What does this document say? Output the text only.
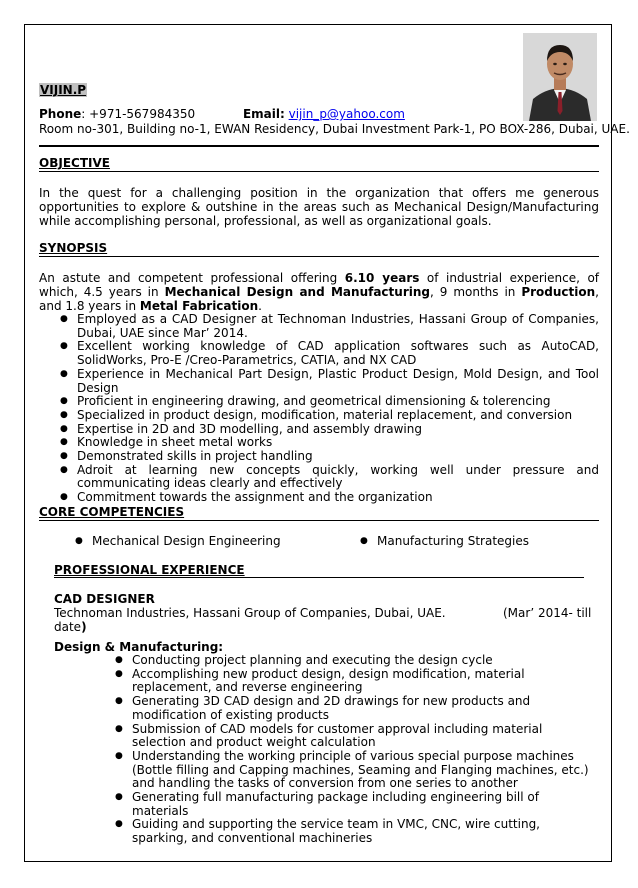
VIJIN.P
Phone: +971-567984350	Email: vijin_p@yahoo.com
Room no-301, Building no-1, EWAN Residency, Dubai Investment Park-1, PO BOX-286, Dubai, UAE.
OBJECTIVE
In the quest for a challenging position in the organization that offers me generous opportunities to explore & outshine in the areas such as Mechanical Design/Manufacturing while accomplishing personal, professional, as well as organizational goals.
SYNOPSIS
An astute and competent professional offering 6.10 years of industrial experience, of which, 4.5 years in Mechanical Design and Manufacturing, 9 months in Production, and 1.8 years in Metal Fabrication.
● Employed as a CAD Designer at Technoman Industries, Hassani Group of Companies, Dubai, UAE since Mar’ 2014.
● Excellent working knowledge of CAD application softwares such as AutoCAD, SolidWorks, Pro-E /Creo-Parametrics, CATIA, and NX CAD
● Experience in Mechanical Part Design, Plastic Product Design, Mold Design, and Tool Design
● Proficient in engineering drawing, and geometrical dimensioning & tolerencing
● Specialized in product design, modification, material replacement, and conversion
● Expertise in 2D and 3D modelling, and assembly drawing
● Knowledge in sheet metal works
● Demonstrated skills in project handling
● Adroit at learning new concepts quickly, working well under pressure and communicating ideas clearly and effectively
● Commitment towards the assignment and the organization
CORE COMPETENCIES
● Mechanical Design Engineering	● Manufacturing Strategies
PROFESSIONAL EXPERIENCE
CAD DESIGNER
Technoman Industries, Hassani Group of Companies, Dubai, UAE.	(Mar’ 2014- till
date)
Design & Manufacturing:
● Conducting project planning and executing the design cycle
● Accomplishing new product design, design modification, material replacement, and reverse engineering
● Generating 3D CAD design and 2D drawings for new products and modification of existing products
● Submission of CAD models for customer approval including material selection and product weight calculation
● Understanding the working principle of various special purpose machines (Bottle filling and Capping machines, Seaming and Flanging machines, etc.) and handling the tasks of conversion from one series to another
● Generating full manufacturing package including engineering bill of materials
● Guiding and supporting the service team in VMC, CNC, wire cutting, sparking, and conventional machineries
